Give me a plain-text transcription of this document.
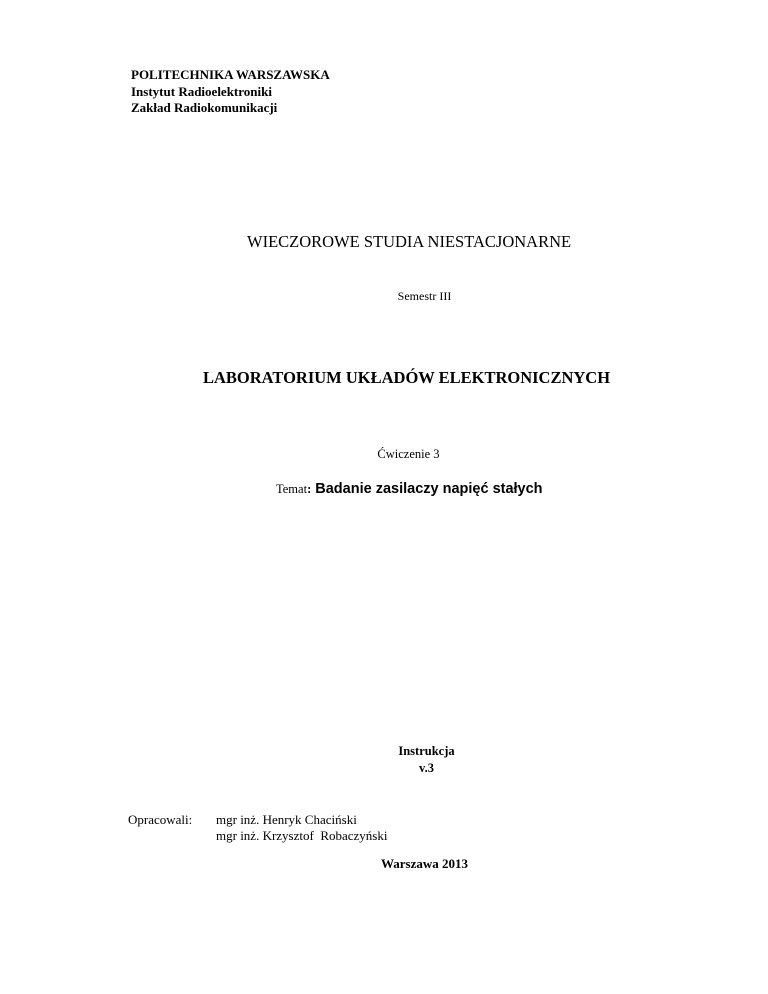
POLITECHNIKA WARSZAWSKA
Instytut Radioelektroniki
Zakład Radiokomunikacji
WIECZOROWE STUDIA NIESTACJONARNE
Semestr III
LABORATORIUM UKŁADÓW ELEKTRONICZNYCH
Ćwiczenie 3
Temat: Badanie zasilaczy napięć stałych
Instrukcja
v.3
Opracowali: mgr inż. Henryk Chaciński
mgr inż. Krzysztof  Robaczyński
Warszawa 2013
